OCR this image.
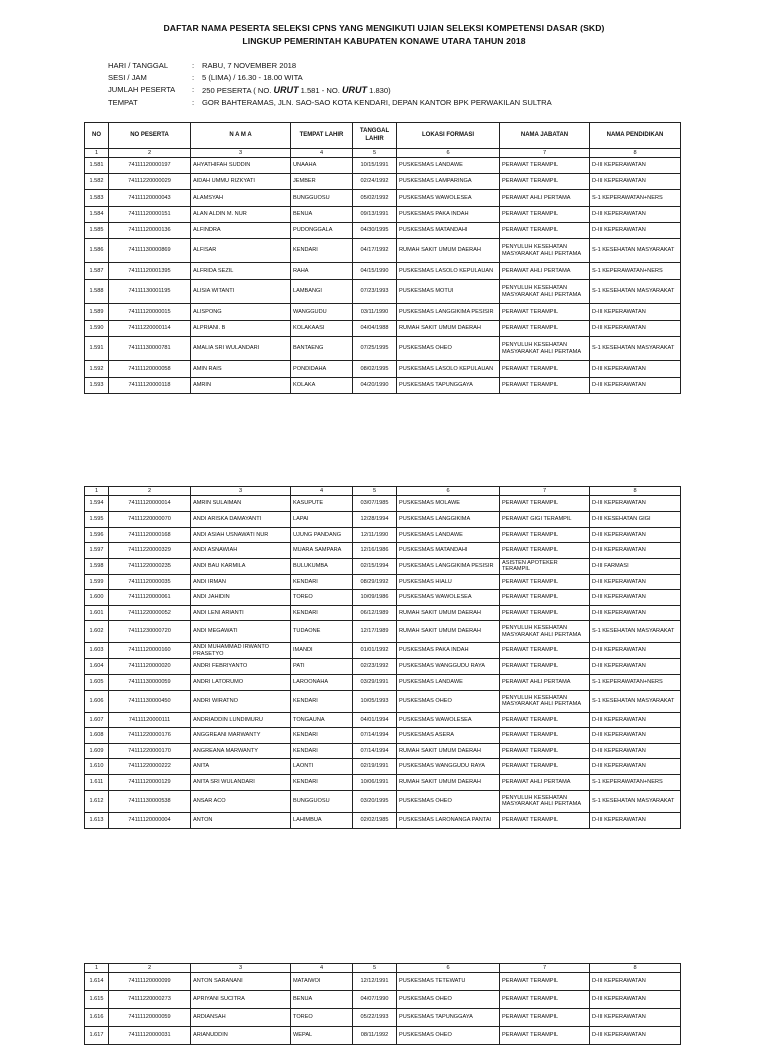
DAFTAR NAMA PESERTA SELEKSI CPNS YANG MENGIKUTI UJIAN SELEKSI KOMPETENSI DASAR (SKD)
LINGKUP PEMERINTAH KABUPATEN KONAWE UTARA TAHUN 2018
HARI / TANGGAL	:	RABU, 7 NOVEMBER 2018
SESI / JAM	:	5 (LIMA) / 16.30 - 18.00 WITA
JUMLAH PESERTA	:	250 PESERTA ( NO. URUT 1.581 - NO. URUT 1.830)
TEMPAT	:	GOR BAHTERAMAS, JLN. SAO-SAO KOTA KENDARI, DEPAN KANTOR BPK PERWAKILAN SULTRA
NO	NO PESERTA	N A M A	TEMPAT LAHIR	TANGGAL LAHIR	LOKASI FORMASI	NAMA JABATAN	NAMA PENDIDIKAN
1	2	3	4	5	6	7	8
1.581	74111120000197	AHYATHIFAH SUDDIN	UNAAHA	10/15/1991	PUSKESMAS LANDAWE	PERAWAT TERAMPIL	D-III KEPERAWATAN
1.582	74111220000029	AIDAH UMMU RIZKYATI	JEMBER	02/24/1992	PUSKESMAS LAMPARINGA	PERAWAT TERAMPIL	D-III KEPERAWATAN
1.583	74111120000043	ALAMSYAH	BUNGGUOSU	05/02/1992	PUSKESMAS WAWOLESEA	PERAWAT AHLI PERTAMA	S-1 KEPERAWATAN+NERS
1.584	74111120000151	ALAN ALDIN M. NUR	BENUA	09/13/1991	PUSKESMAS PAKA INDAH	PERAWAT TERAMPIL	D-III KEPERAWATAN
1.585	74111120000136	ALFINDRA	PUDONGGALA	04/30/1995	PUSKESMAS MATANDAHI	PERAWAT TERAMPIL	D-III KEPERAWATAN
1.586	74111130000869	ALFISAR	KENDARI	04/17/1992	RUMAH SAKIT UMUM DAERAH	PENYULUH KESEHATAN MASYARAKAT AHLI PERTAMA	S-1 KESEHATAN MASYARAKAT
1.587	74111120001395	ALFRIDA SEZIL	RAHA	04/15/1990	PUSKESMAS LASOLO KEPULAUAN	PERAWAT AHLI PERTAMA	S-1 KEPERAWATAN+NERS
1.588	74111130001195	ALISIA WITANTI	LAMBANGI	07/23/1993	PUSKESMAS MOTUI	PENYULUH KESEHATAN MASYARAKAT AHLI PERTAMA	S-1 KESEHATAN MASYARAKAT
1.589	74111120000015	ALISPONG	WANGGUDU	03/11/1990	PUSKESMAS LANGGIKIMA PESISIR	PERAWAT TERAMPIL	D-III KEPERAWATAN
1.590	74111220000114	ALPRIANI. B	KOLAKAASI	04/04/1988	RUMAH SAKIT UMUM DAERAH	PERAWAT TERAMPIL	D-III KEPERAWATAN
1.591	74111130000781	AMALIA SRI WULANDARI	BANTAENG	07/25/1995	PUSKESMAS OHEO	PENYULUH KESEHATAN MASYARAKAT AHLI PERTAMA	S-1 KESEHATAN MASYARAKAT
1.592	74111120000058	AMIN RAIS	PONDIDAHA	08/02/1995	PUSKESMAS LASOLO KEPULAUAN	PERAWAT TERAMPIL	D-III KEPERAWATAN
1.593	74111120000118	AMRIN	KOLAKA	04/20/1990	PUSKESMAS TAPUNGGAYA	PERAWAT TERAMPIL	D-III KEPERAWATAN
1	2	3	4	5	6	7	8
1.594	74111120000014	AMRIN SULAIMAN	KASUPUTE	03/07/1985	PUSKESMAS MOLAWE	PERAWAT TERAMPIL	D-III KEPERAWATAN
1.595	74111220000070	ANDI ARISKA DAMAYANTI	LAPAI	12/28/1994	PUSKESMAS LANGGIKIMA	PERAWAT GIGI TERAMPIL	D-III KESEHATAN GIGI
1.596	74111120000168	ANDI ASIAH USNAWATI NUR	UJUNG PANDANG	12/11/1990	PUSKESMAS LANDAWE	PERAWAT TERAMPIL	D-III KEPERAWATAN
1.597	74111220000329	ANDI ASNAWIAH	MUARA SAMPARA	12/16/1986	PUSKESMAS MATANDAHI	PERAWAT TERAMPIL	D-III KEPERAWATAN
1.598	74111220000235	ANDI BAU KARMILA	BULUKUMBA	02/15/1994	PUSKESMAS LANGGIKIMA PESISIR	ASISTEN APOTEKER TERAMPIL	D-III FARMASI
1.599	74111120000035	ANDI IRMAN	KENDARI	08/29/1992	PUSKESMAS HIALU	PERAWAT TERAMPIL	D-III KEPERAWATAN
1.600	74111120000061	ANDI JAHIDIN	TOREO	10/09/1986	PUSKESMAS WAWOLESEA	PERAWAT TERAMPIL	D-III KEPERAWATAN
1.601	74111220000052	ANDI LENI ARIANTI	KENDARI	06/12/1989	RUMAH SAKIT UMUM DAERAH	PERAWAT TERAMPIL	D-III KEPERAWATAN
1.602	74111230000720	ANDI MEGAWATI	TUDAONE	12/17/1989	RUMAH SAKIT UMUM DAERAH	PENYULUH KESEHATAN MASYARAKAT AHLI PERTAMA	S-1 KESEHATAN MASYARAKAT
1.603	74111120000160	ANDI MUHAMMAD IRWANTO PRASETYO	IMANDI	01/01/1992	PUSKESMAS PAKA INDAH	PERAWAT TERAMPIL	D-III KEPERAWATAN
1.604	74111120000020	ANDRI FEBRIYANTO	PATI	02/23/1992	PUSKESMAS WANGGUDU RAYA	PERAWAT TERAMPIL	D-III KEPERAWATAN
1.605	74111130000059	ANDRI LATORUMO	LAROONAHA	03/29/1991	PUSKESMAS LANDAWE	PERAWAT AHLI PERTAMA	S-1 KEPERAWATAN+NERS
1.606	74111130000450	ANDRI WIRATNO	KENDARI	10/05/1993	PUSKESMAS OHEO	PENYULUH KESEHATAN MASYARAKAT AHLI PERTAMA	S-1 KESEHATAN MASYARAKAT
1.607	74111120000111	ANDRIADDIN LUNDIMURU	TONGAUNA	04/01/1994	PUSKESMAS WAWOLESEA	PERAWAT TERAMPIL	D-III KEPERAWATAN
1.608	74111220000176	ANGGREANI MARWANTY	KENDARI	07/14/1994	PUSKESMAS ASERA	PERAWAT TERAMPIL	D-III KEPERAWATAN
1.609	74111220000170	ANGREANA MARWANTY	KENDARI	07/14/1994	RUMAH SAKIT UMUM DAERAH	PERAWAT TERAMPIL	D-III KEPERAWATAN
1.610	74111220000222	ANITA	LAONTI	02/19/1991	PUSKESMAS WANGGUDU RAYA	PERAWAT TERAMPIL	D-III KEPERAWATAN
1.611	74111120000129	ANITA SRI WULANDARI	KENDARI	10/06/1991	RUMAH SAKIT UMUM DAERAH	PERAWAT AHLI PERTAMA	S-1 KEPERAWATAN+NERS
1.612	74111130000538	ANSAR ACO	BUNGGUOSU	03/20/1995	PUSKESMAS OHEO	PENYULUH KESEHATAN MASYARAKAT AHLI PERTAMA	S-1 KESEHATAN MASYARAKAT
1.613	74111120000004	ANTON	LAHIMBUA	02/02/1985	PUSKESMAS LARONANGA PANTAI	PERAWAT TERAMPIL	D-III KEPERAWATAN
1	2	3	4	5	6	7	8
1.614	74111120000099	ANTON SARANANI	MATAIWOI	12/12/1991	PUSKESMAS TETEWATU	PERAWAT TERAMPIL	D-III KEPERAWATAN
1.615	74111220000273	APRIYANI SUCITRA	BENUA	04/07/1990	PUSKESMAS OHEO	PERAWAT TERAMPIL	D-III KEPERAWATAN
1.616	74111120000059	ARDIANSAH	TOREO	05/22/1993	PUSKESMAS TAPUNGGAYA	PERAWAT TERAMPIL	D-III KEPERAWATAN
1.617	74111120000031	ARIANUDDIN	WEPAL	08/11/1992	PUSKESMAS OHEO	PERAWAT TERAMPIL	D-III KEPERAWATAN
